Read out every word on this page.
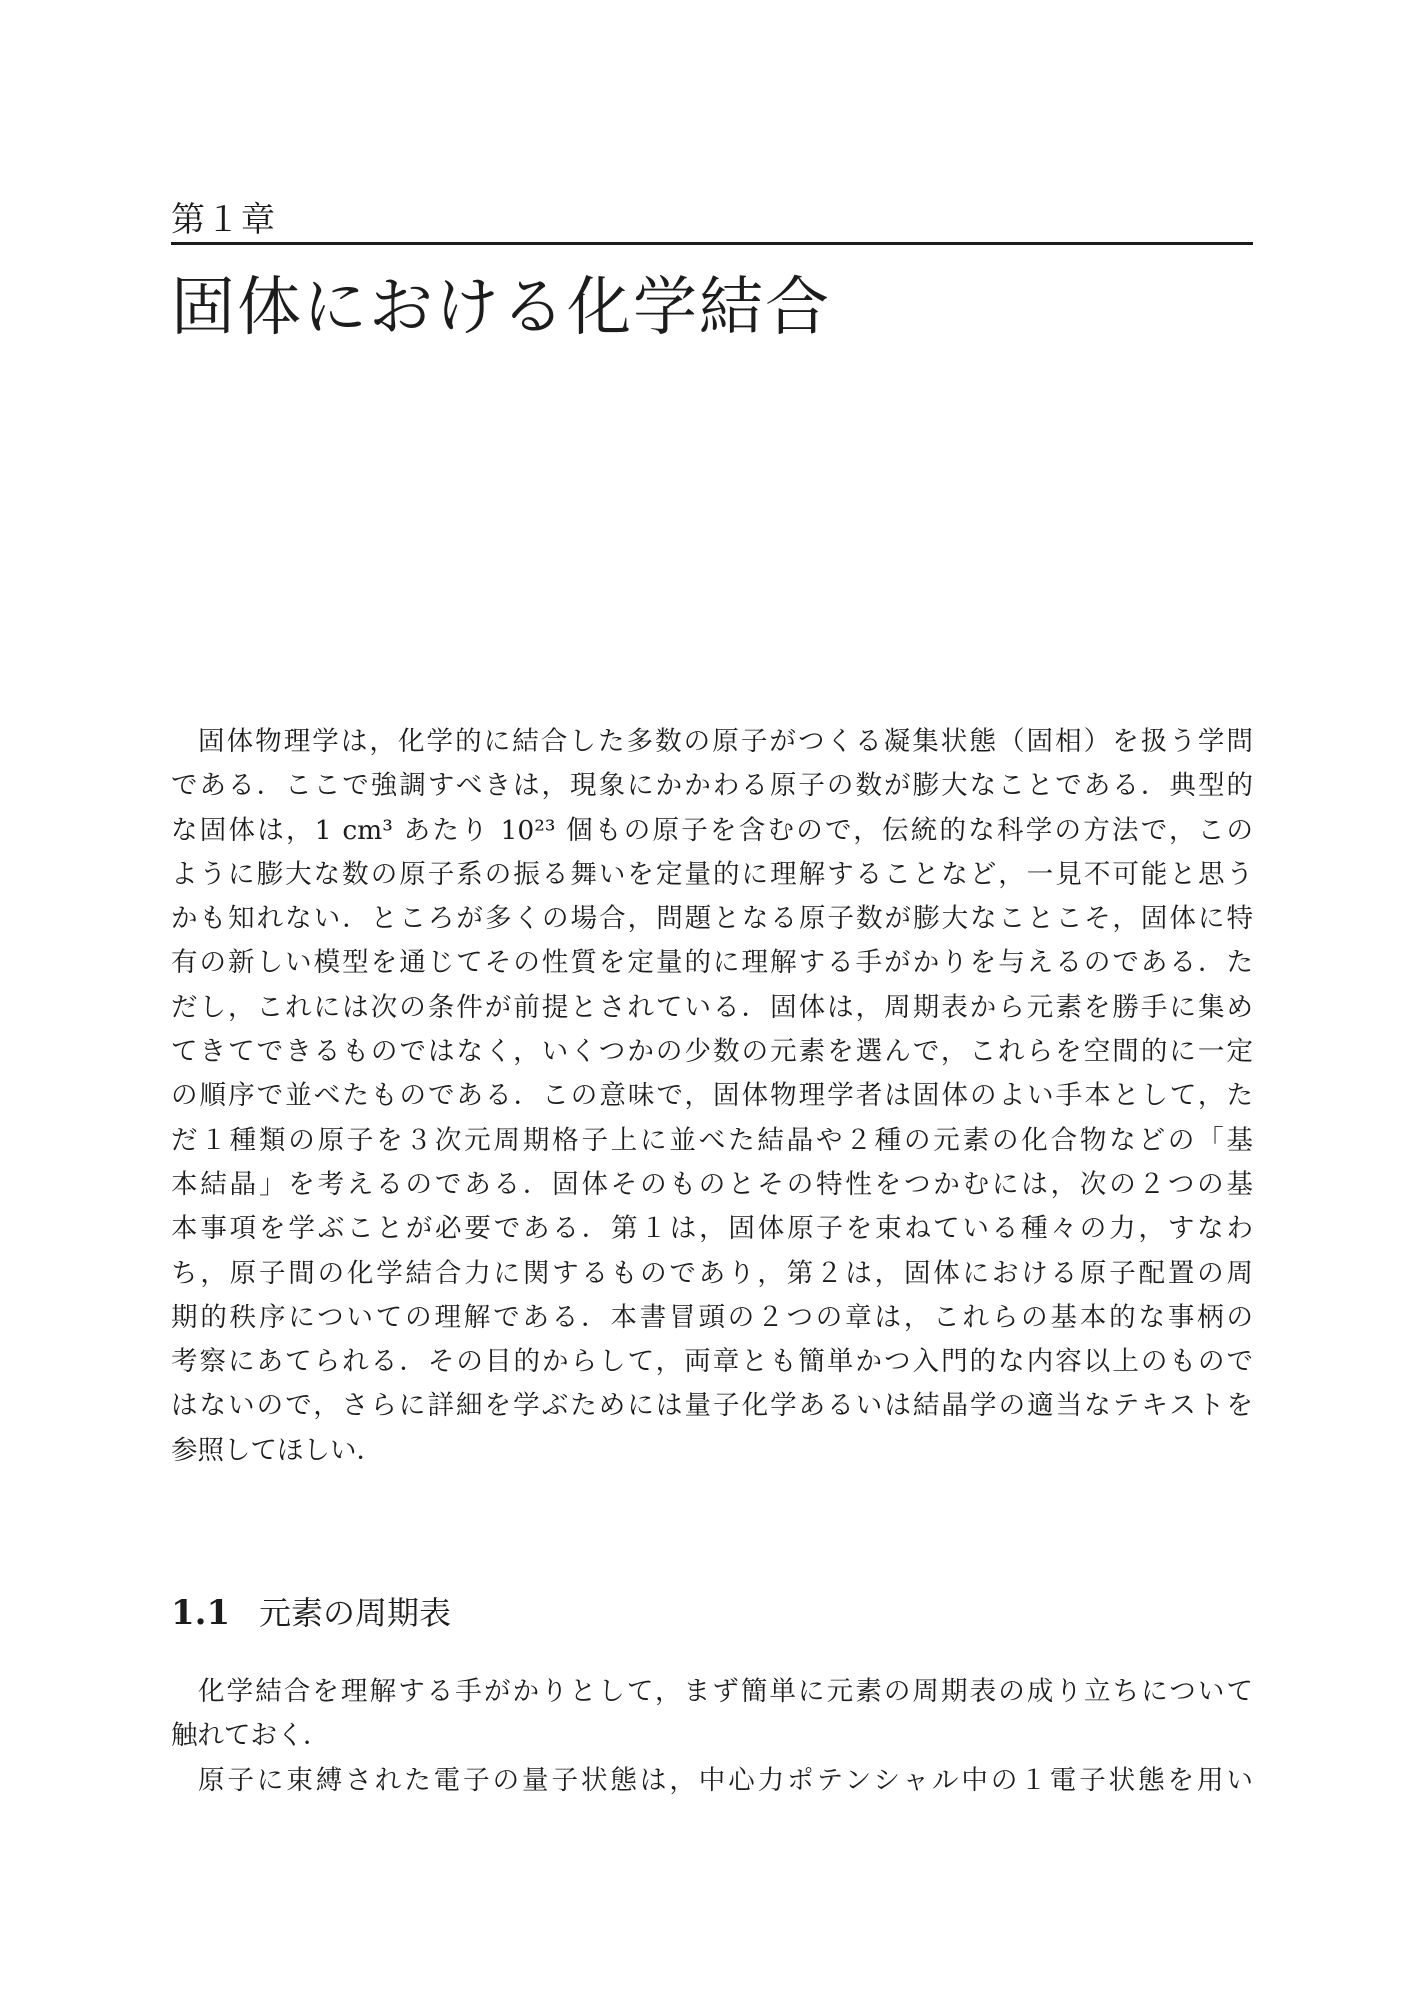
第１章
固体における化学結合
固体物理学は，化学的に結合した多数の原子がつくる凝集状態（固相）を扱う学問
である．ここで強調すべきは，現象にかかわる原子の数が膨大なことである．典型的
な固体は，1 cm³ あたり 10²³ 個もの原子を含むので，伝統的な科学の方法で，この
ように膨大な数の原子系の振る舞いを定量的に理解することなど，一見不可能と思う
かも知れない．ところが多くの場合，問題となる原子数が膨大なことこそ，固体に特
有の新しい模型を通じてその性質を定量的に理解する手がかりを与えるのである．た
だし，これには次の条件が前提とされている．固体は，周期表から元素を勝手に集め
てきてできるものではなく，いくつかの少数の元素を選んで，これらを空間的に一定
の順序で並べたものである．この意味で，固体物理学者は固体のよい手本として，た
だ１種類の原子を３次元周期格子上に並べた結晶や２種の元素の化合物などの「基
本結晶」を考えるのである．固体そのものとその特性をつかむには，次の２つの基
本事項を学ぶことが必要である．第１は，固体原子を束ねている種々の力，すなわ
ち，原子間の化学結合力に関するものであり，第２は，固体における原子配置の周
期的秩序についての理解である．本書冒頭の２つの章は，これらの基本的な事柄の
考察にあてられる．その目的からして，両章とも簡単かつ入門的な内容以上のもので
はないので，さらに詳細を学ぶためには量子化学あるいは結晶学の適当なテキストを
参照してほしい．
1.1 元素の周期表
化学結合を理解する手がかりとして，まず簡単に元素の周期表の成り立ちについて
触れておく．
原子に束縛された電子の量子状態は，中心力ポテンシャル中の１電子状態を用い
